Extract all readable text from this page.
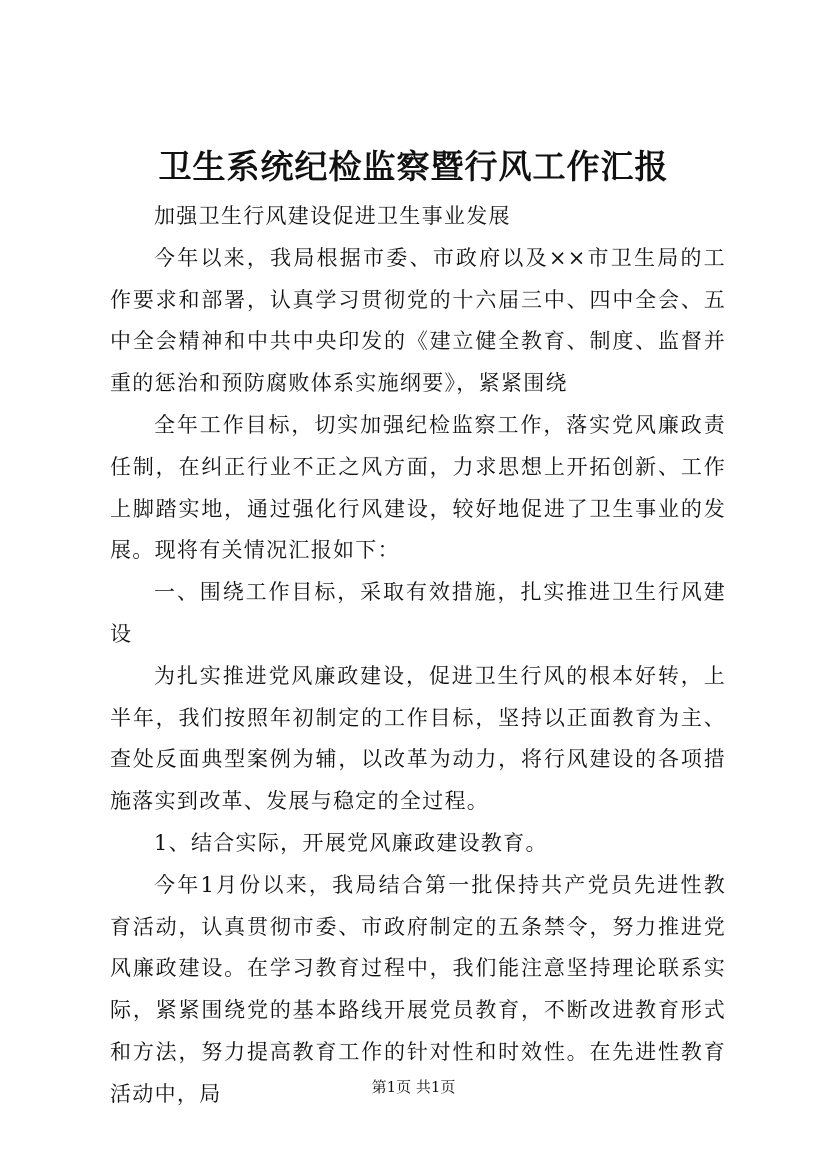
卫生系统纪检监察暨行风工作汇报

加强卫生行风建设促进卫生事业发展

今年以来，我局根据市委、市政府以及××市卫生局的工作要求和部署，认真学习贯彻党的十六届三中、四中全会、五中全会精神和中共中央印发的《建立健全教育、制度、监督并重的惩治和预防腐败体系实施纲要》，紧紧围绕

全年工作目标，切实加强纪检监察工作，落实党风廉政责任制，在纠正行业不正之风方面，力求思想上开拓创新、工作上脚踏实地，通过强化行风建设，较好地促进了卫生事业的发展。现将有关情况汇报如下：

一、围绕工作目标，采取有效措施，扎实推进卫生行风建设

为扎实推进党风廉政建设，促进卫生行风的根本好转，上半年，我们按照年初制定的工作目标，坚持以正面教育为主、查处反面典型案例为辅，以改革为动力，将行风建设的各项措施落实到改革、发展与稳定的全过程。

1、结合实际，开展党风廉政建设教育。

今年1月份以来，我局结合第一批保持共产党员先进性教育活动，认真贯彻市委、市政府制定的五条禁令，努力推进党风廉政建设。在学习教育过程中，我们能注意坚持理论联系实际，紧紧围绕党的基本路线开展党员教育，不断改进教育形式和方法，努力提高教育工作的针对性和时效性。在先进性教育活动中，局	第1页 共1页
